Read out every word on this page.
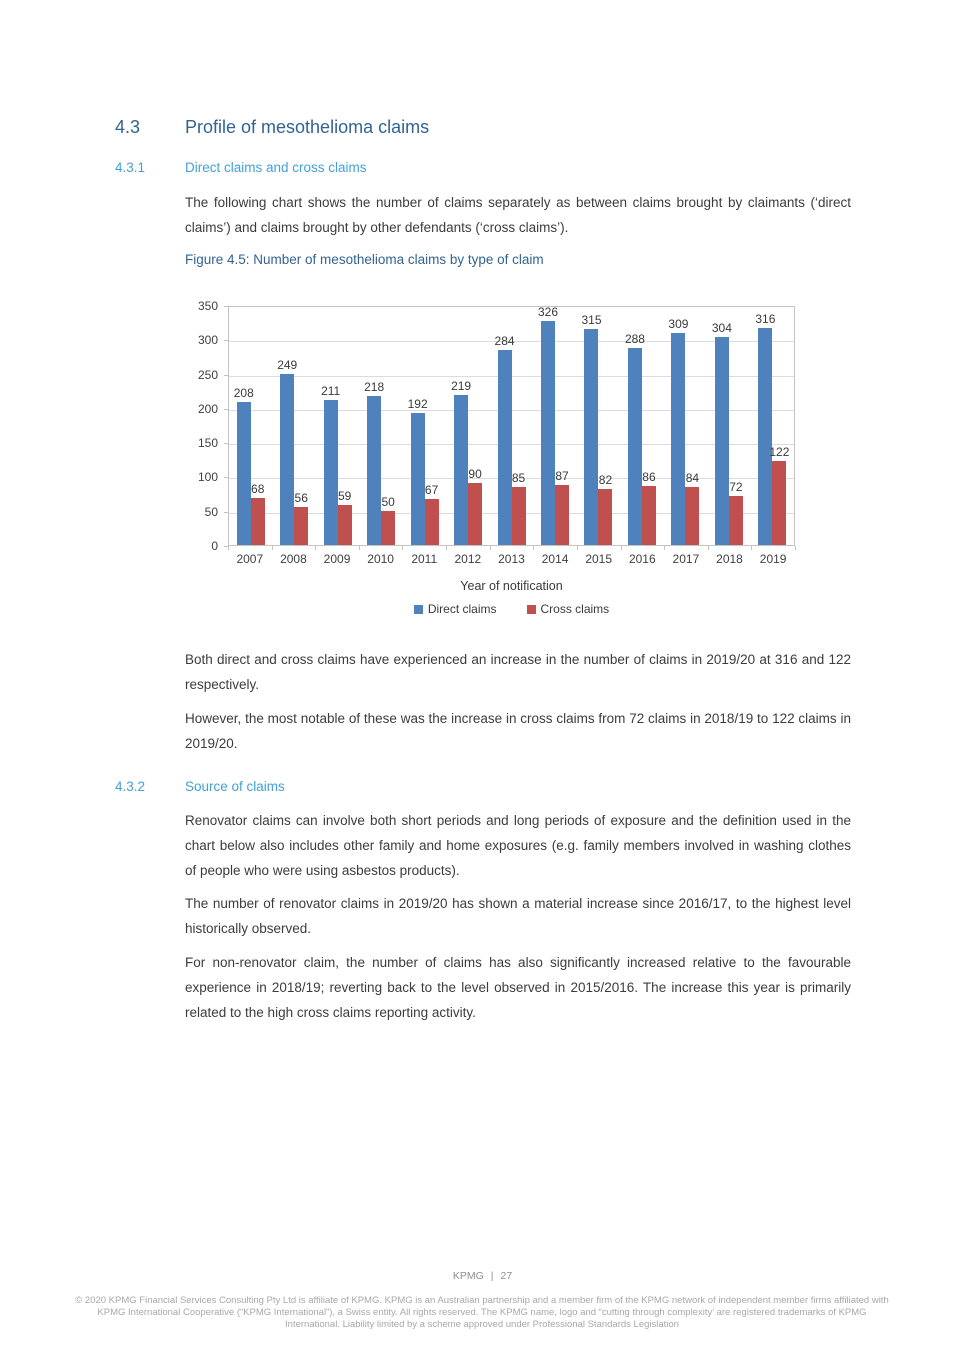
4.3	Profile of mesothelioma claims
4.3.1	Direct claims and cross claims

The following chart shows the number of claims separately as between claims brought by claimants (‘direct claims’) and claims brought by other defendants (‘cross claims’).

Figure 4.5: Number of mesothelioma claims by type of claim

0
50
100
150
200
250
300
350
208
68
249
56
211
59
218
50
192
67
219
90
284
85
326
87
315
82
288
86
309
84
304
72
316
122
2007	2008	2009	2010	2011	2012	2013	2014	2015	2016	2017	2018	2019
Year of notification
Direct claims	Cross claims

Both direct and cross claims have experienced an increase in the number of claims in 2019/20 at 316 and 122 respectively.

However, the most notable of these was the increase in cross claims from 72 claims in 2018/19 to 122 claims in 2019/20.

4.3.2	Source of claims

Renovator claims can involve both short periods and long periods of exposure and the definition used in the chart below also includes other family and home exposures (e.g. family members involved in washing clothes of people who were using asbestos products).

The number of renovator claims in 2019/20 has shown a material increase since 2016/17, to the highest level historically observed.

For non-renovator claim, the number of claims has also significantly increased relative to the favourable experience in 2018/19; reverting back to the level observed in 2015/2016. The increase this year is primarily related to the high cross claims reporting activity.

KPMG | 27
© 2020 KPMG Financial Services Consulting Pty Ltd is affiliate of KPMG. KPMG is an Australian partnership and a member firm of the KPMG network of independent member firms affiliated with KPMG International Cooperative (“KPMG International”), a Swiss entity. All rights reserved. The KPMG name, logo and “cutting through complexity’ are registered trademarks of KPMG International. Liability limited by a scheme approved under Professional Standards Legislation
